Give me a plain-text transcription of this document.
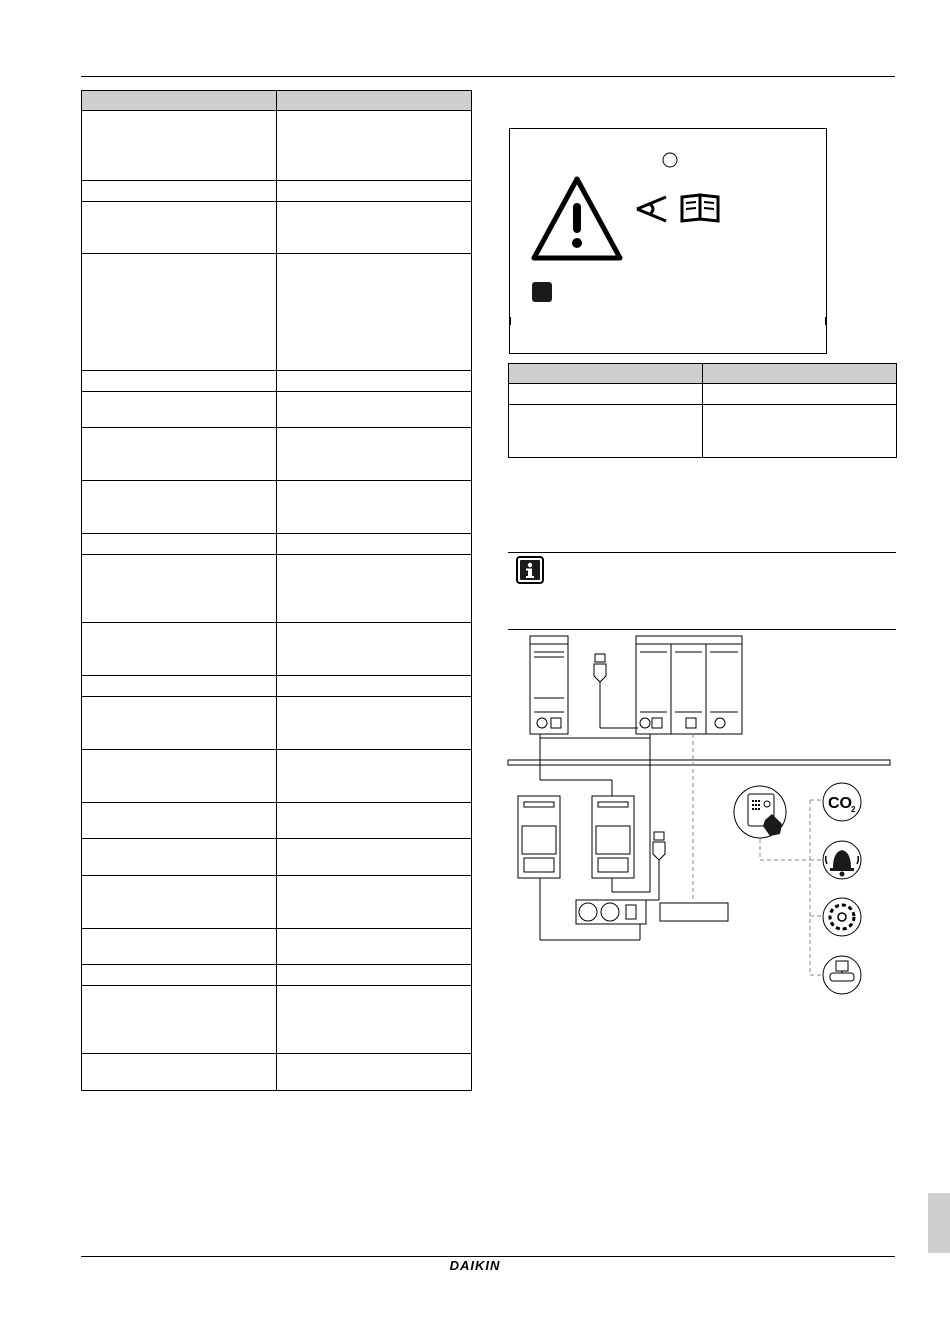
CO 2
DAIKIN
